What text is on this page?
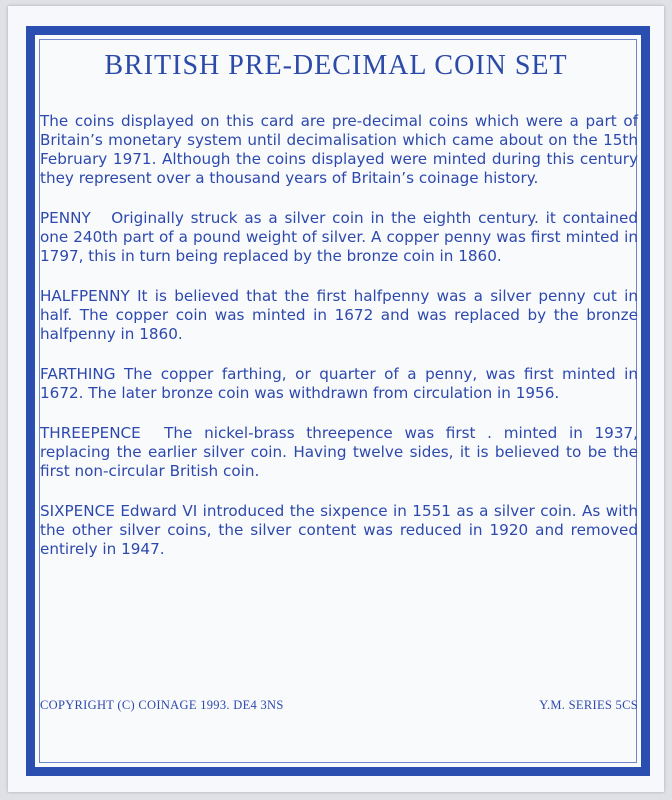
BRITISH PRE-DECIMAL COIN SET

The coins displayed on this card are pre-decimal coins which were a part of Britain’s monetary system until decimalisation which came about on the 15th February 1971. Although the coins displayed were minted during this century they represent over a thousand years of Britain’s coinage history.

PENNY Originally struck as a silver coin in the eighth century. it contained one 240th part of a pound weight of silver. A copper penny was first minted in 1797, this in turn being replaced by the bronze coin in 1860.

HALFPENNY It is believed that the first halfpenny was a silver penny cut in half. The copper coin was minted in 1672 and was replaced by the bronze halfpenny in 1860.

FARTHING The copper farthing, or quarter of a penny, was first minted in 1672. The later bronze coin was withdrawn from circulation in 1956.

THREEPENCE The nickel-brass threepence was first . minted in 1937, replacing the earlier silver coin. Having twelve sides, it is believed to be the first non-circular British coin.

SIXPENCE Edward VI introduced the sixpence in 1551 as a silver coin. As with the other silver coins, the silver content was reduced in 1920 and removed entirely in 1947.

COPYRIGHT (C) COINAGE 1993. DE4 3NS	Y.M. SERIES 5CS
